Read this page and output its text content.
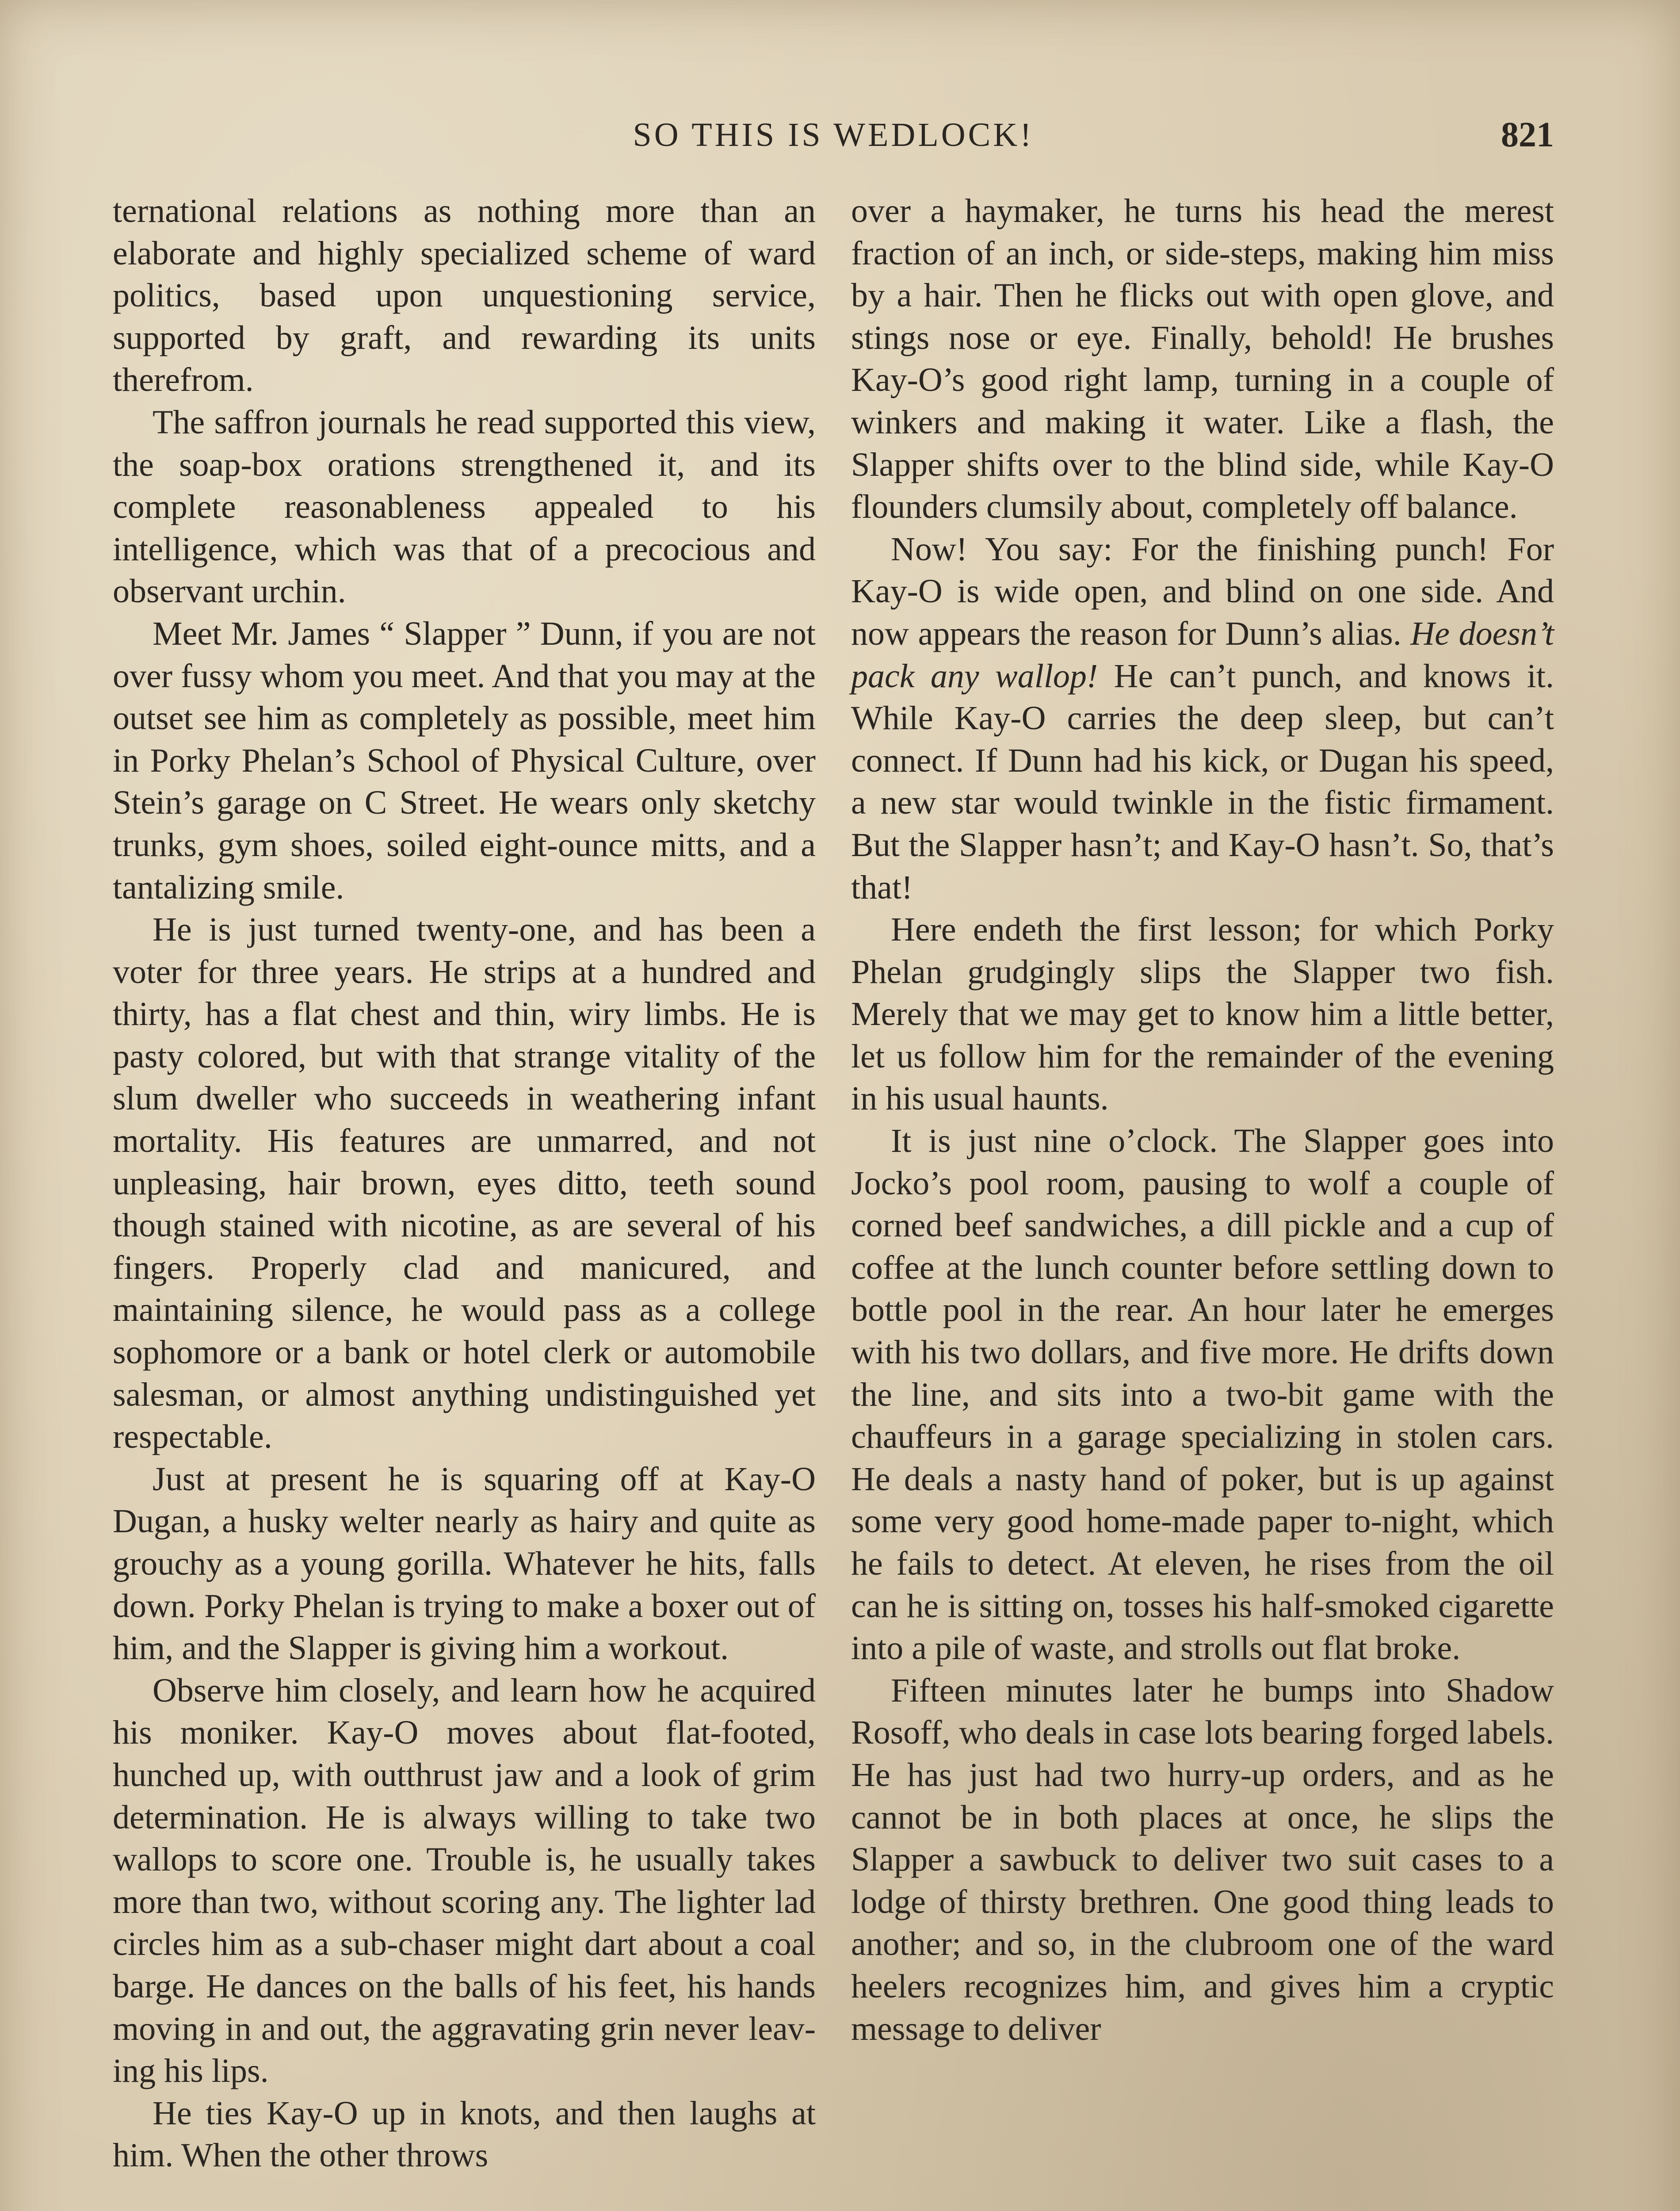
SO THIS IS WEDLOCK!	821

ternational relations as nothing more than an elaborate and highly specialized scheme of ward politics, based upon unquestioning service, supported by graft, and rewarding its units therefrom.

The saffron journals he read supported this view, the soap-box orations strengthened it, and its complete reasonableness appealed to his intelligence, which was that of a precocious and observant urchin.

Meet Mr. James “ Slapper ” Dunn, if you are not over fussy whom you meet. And that you may at the outset see him as completely as possible, meet him in Porky Phelan’s School of Physical Culture, over Stein’s garage on C Street. He wears only sketchy trunks, gym shoes, soiled eight-ounce mitts, and a tantalizing smile.

He is just turned twenty-one, and has been a voter for three years. He strips at a hundred and thirty, has a flat chest and thin, wiry limbs. He is pasty colored, but with that strange vitality of the slum dweller who succeeds in weathering infant mortality. His features are unmarred, and not unpleasing, hair brown, eyes ditto, teeth sound though stained with nicotine, as are several of his fingers. Properly clad and manicured, and maintaining silence, he would pass as a college sophomore or a bank or hotel clerk or automobile salesman, or almost anything undistinguished yet respectable.

Just at present he is squaring off at Kay-O Dugan, a husky welter nearly as hairy and quite as grouchy as a young gorilla. Whatever he hits, falls down. Porky Phelan is trying to make a boxer out of him, and the Slapper is giving him a workout.

Observe him closely, and learn how he acquired his moniker. Kay-O moves about flat-footed, hunched up, with outthrust jaw and a look of grim determination. He is always willing to take two wallops to score one. Trouble is, he usually takes more than two, without scoring any. The lighter lad circles him as a sub-chaser might dart about a coal barge. He dances on the balls of his feet, his hands moving in and out, the aggravating grin never leaving his lips.

He ties Kay-O up in knots, and then laughs at him. When the other throws

over a haymaker, he turns his head the merest fraction of an inch, or side-steps, making him miss by a hair. Then he flicks out with open glove, and stings nose or eye. Finally, behold! He brushes Kay-O’s good right lamp, turning in a couple of winkers and making it water. Like a flash, the Slapper shifts over to the blind side, while Kay-O flounders clumsily about, completely off balance.

Now! You say: For the finishing punch! For Kay-O is wide open, and blind on one side. And now appears the reason for Dunn’s alias. He doesn’t pack any wallop! He can’t punch, and knows it. While Kay-O carries the deep sleep, but can’t connect. If Dunn had his kick, or Dugan his speed, a new star would twinkle in the fistic firmament. But the Slapper hasn’t; and Kay-O hasn’t. So, that’s that!

Here endeth the first lesson; for which Porky Phelan grudgingly slips the Slapper two fish. Merely that we may get to know him a little better, let us follow him for the remainder of the evening in his usual haunts.

It is just nine o’clock. The Slapper goes into Jocko’s pool room, pausing to wolf a couple of corned beef sandwiches, a dill pickle and a cup of coffee at the lunch counter before settling down to bottle pool in the rear. An hour later he emerges with his two dollars, and five more. He drifts down the line, and sits into a two-bit game with the chauffeurs in a garage specializing in stolen cars. He deals a nasty hand of poker, but is up against some very good home-made paper to-night, which he fails to detect. At eleven, he rises from the oil can he is sitting on, tosses his half-smoked cigarette into a pile of waste, and strolls out flat broke.

Fifteen minutes later he bumps into Shadow Rosoff, who deals in case lots bearing forged labels. He has just had two hurry-up orders, and as he cannot be in both places at once, he slips the Slapper a sawbuck to deliver two suit cases to a lodge of thirsty brethren. One good thing leads to another; and so, in the clubroom one of the ward heelers recognizes him, and gives him a cryptic message to deliver
